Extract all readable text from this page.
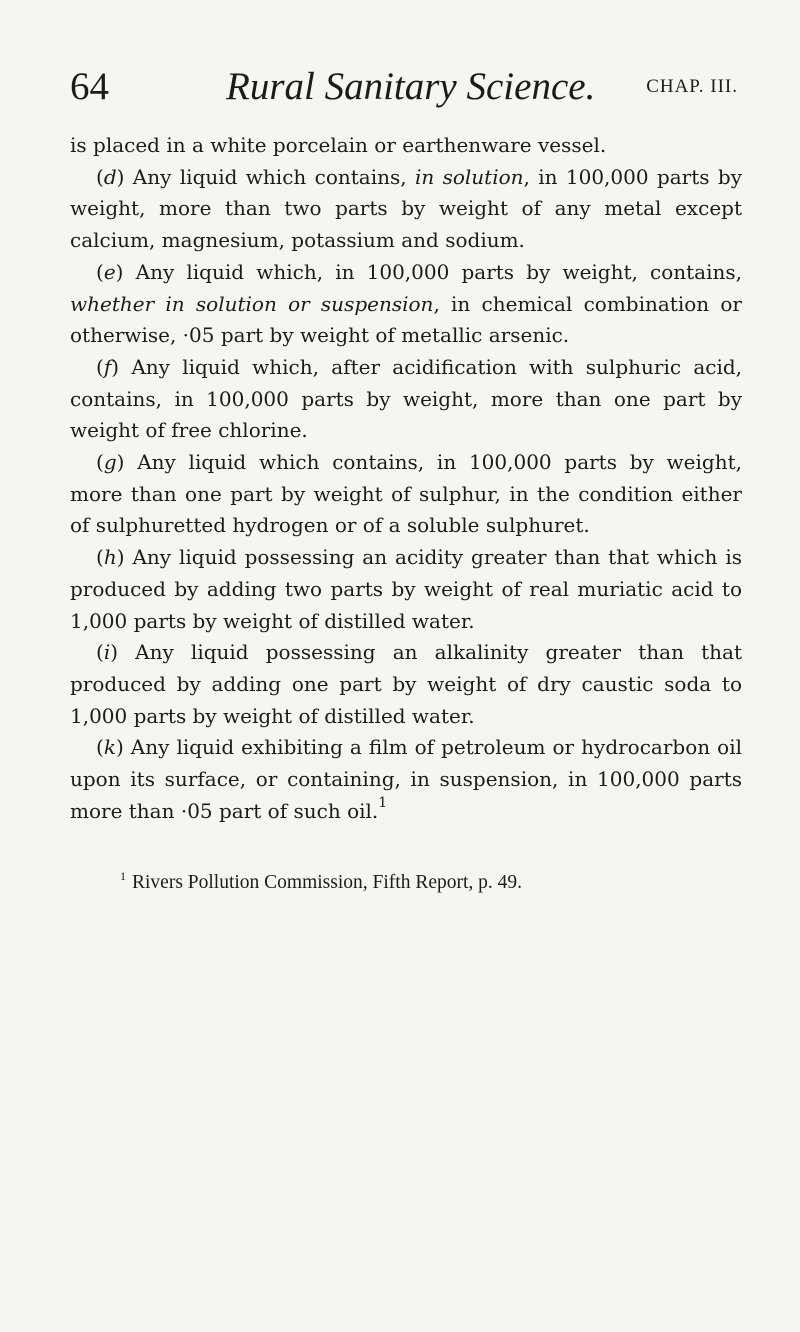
64	Rural Sanitary Science.	CHAP. III.

is placed in a white porcelain or earthenware vessel.

(d) Any liquid which contains, in solution, in 100,000 parts by weight, more than two parts by weight of any metal except calcium, magnesium, potassium and sodium.

(e) Any liquid which, in 100,000 parts by weight, contains, whether in solution or suspension, in chemical combination or otherwise, ·05 part by weight of metallic arsenic.

(f) Any liquid which, after acidification with sulphuric acid, contains, in 100,000 parts by weight, more than one part by weight of free chlorine.

(g) Any liquid which contains, in 100,000 parts by weight, more than one part by weight of sulphur, in the condition either of sulphuretted hydrogen or of a soluble sulphuret.

(h) Any liquid possessing an acidity greater than that which is produced by adding two parts by weight of real muriatic acid to 1,000 parts by weight of distilled water.

(i) Any liquid possessing an alkalinity greater than that produced by adding one part by weight of dry caustic soda to 1,000 parts by weight of distilled water.

(k) Any liquid exhibiting a film of petroleum or hydrocarbon oil upon its surface, or containing, in suspension, in 100,000 parts more than ·05 part of such oil.$^1$

$^1$ Rivers Pollution Commission, Fifth Report, p. 49.
